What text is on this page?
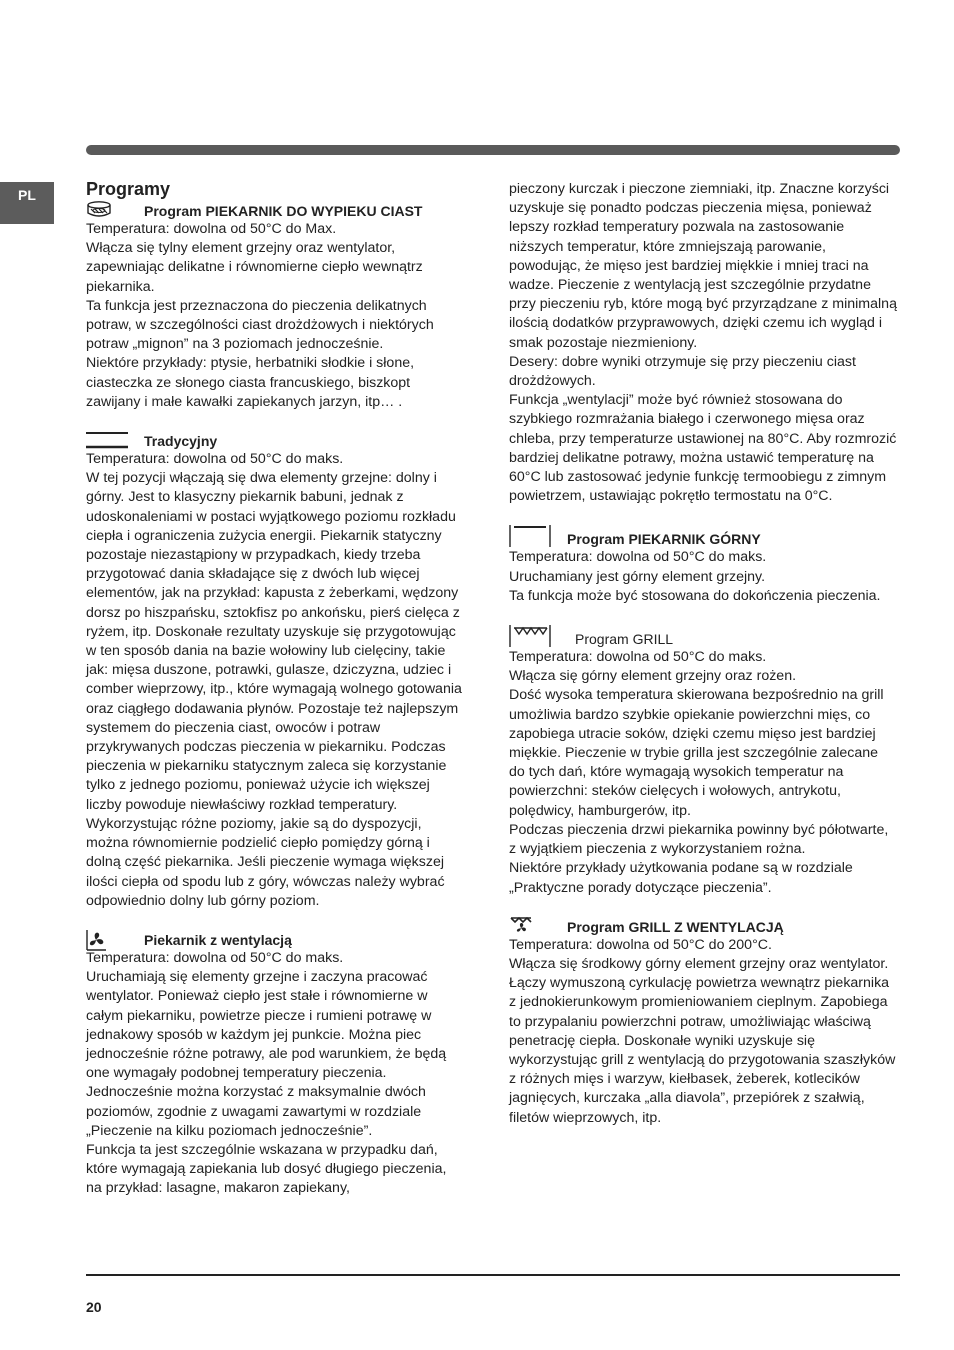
PL	Programy
Program PIEKARNIK DO WYPIEKU CIAST

Temperatura: dowolna od 50°C do Max.

Włącza się tylny element grzejny oraz wentylator, zapewniając delikatne i równomierne ciepło wewnątrz piekarnika.

Ta funkcja jest przeznaczona do pieczenia delikatnych potraw, w szczególności ciast drożdżowych i niektórych potraw „mignon” na 3 poziomach jednocześnie.

Niektóre przykłady: ptysie, herbatniki słodkie i słone, ciasteczka ze słonego ciasta francuskiego, biszkopt zawijany i małe kawałki zapiekanych jarzyn, itp… .

Tradycyjny

Temperatura: dowolna od 50°C do maks.

W tej pozycji włączają się dwa elementy grzejne: dolny i górny. Jest to klasyczny piekarnik babuni, jednak z udoskonaleniami w postaci wyjątkowego poziomu rozkładu ciepła i ograniczenia zużycia energii. Piekarnik statyczny pozostaje niezastąpiony w przypadkach, kiedy trzeba przygotować dania składające się z dwóch lub więcej elementów, jak na przykład: kapusta z żeberkami, wędzony dorsz po hiszpańsku, sztokfisz po ankońsku, pierś cielęca z ryżem, itp. Doskonałe rezultaty uzyskuje się przygotowując w ten sposób dania na bazie wołowiny lub cielęciny, takie jak: mięsa duszone, potrawki, gulasze, dziczyzna, udziec i comber wieprzowy, itp., które wymagają wolnego gotowania oraz ciągłego dodawania płynów. Pozostaje też najlepszym systemem do pieczenia ciast, owoców i potraw przykrywanych podczas pieczenia w piekarniku. Podczas pieczenia w piekarniku statycznym zaleca się korzystanie tylko z jednego poziomu, ponieważ użycie ich większej liczby powoduje niewłaściwy rozkład temperatury. Wykorzystując różne poziomy, jakie są do dyspozycji, można równomiernie podzielić ciepło pomiędzy górną i dolną część piekarnika. Jeśli pieczenie wymaga większej ilości ciepła od spodu lub z góry, wówczas należy wybrać odpowiednio dolny lub górny poziom.

Piekarnik z wentylacją

Temperatura: dowolna od 50°C do maks.

Uruchamiają się elementy grzejne i zaczyna pracować wentylator. Ponieważ ciepło jest stałe i równomierne w całym piekarniku, powietrze piecze i rumieni potrawę w jednakowy sposób w każdym jej punkcie. Można piec jednocześnie różne potrawy, ale pod warunkiem, że będą one wymagały podobnej temperatury pieczenia. Jednocześnie można korzystać z maksymalnie dwóch poziomów, zgodnie z uwagami zawartymi w rozdziale „Pieczenie na kilku poziomach jednocześnie”.

Funkcja ta jest szczególnie wskazana w przypadku dań, które wymagają zapiekania lub dosyć długiego pieczenia, na przykład: lasagne, makaron zapiekany,

pieczony kurczak i pieczone ziemniaki, itp. Znaczne korzyści uzyskuje się ponadto podczas pieczenia mięsa, ponieważ lepszy rozkład temperatury pozwala na zastosowanie niższych temperatur, które zmniejszają parowanie, powodując, że mięso jest bardziej miękkie i mniej traci na wadze. Pieczenie z wentylacją jest szczególnie przydatne przy pieczeniu ryb, które mogą być przyrządzane z minimalną ilością dodatków przyprawowych, dzięki czemu ich wygląd i smak pozostaje niezmieniony.

Desery: dobre wyniki otrzymuje się przy pieczeniu ciast drożdżowych.

Funkcja „wentylacji” może być również stosowana do szybkiego rozmrażania białego i czerwonego mięsa oraz chleba, przy temperaturze ustawionej na 80°C. Aby rozmrozić bardziej delikatne potrawy, można ustawić temperaturę na 60°C lub zastosować jedynie funkcję termoobiegu z zimnym powietrzem, ustawiając pokrętło termostatu na 0°C.

Program PIEKARNIK GÓRNY

Temperatura: dowolna od 50°C do maks.

Uruchamiany jest górny element grzejny.

Ta funkcja może być stosowana do dokończenia pieczenia.

Program GRILL

Temperatura: dowolna od 50°C do maks.

Włącza się górny element grzejny oraz rożen.

Dość wysoka temperatura skierowana bezpośrednio na grill umożliwia bardzo szybkie opiekanie powierzchni mięs, co zapobiega utracie soków, dzięki czemu mięso jest bardziej miękkie. Pieczenie w trybie grilla jest szczególnie zalecane do tych dań, które wymagają wysokich temperatur na powierzchni: steków cielęcych i wołowych, antrykotu, polędwicy, hamburgerów, itp.

Podczas pieczenia drzwi piekarnika powinny być półotwarte, z wyjątkiem pieczenia z wykorzystaniem rożna.

Niektóre przykłady użytkowania podane są w rozdziale „Praktyczne porady dotyczące pieczenia”.

Program GRILL Z WENTYLACJĄ

Temperatura: dowolna od 50°C do 200°C.

Włącza się środkowy górny element grzejny oraz wentylator. Łączy wymuszoną cyrkulację powietrza wewnątrz piekarnika z jednokierunkowym promieniowaniem cieplnym. Zapobiega to przypalaniu powierzchni potraw, umożliwiając właściwą penetrację ciepła. Doskonałe wyniki uzyskuje się wykorzystując grill z wentylacją do przygotowania szaszłyków z różnych mięs i warzyw, kiełbasek, żeberek, kotlecików jagnięcych, kurczaka „alla diavola”, przepiórek z szałwią, filetów wieprzowych, itp.

20
